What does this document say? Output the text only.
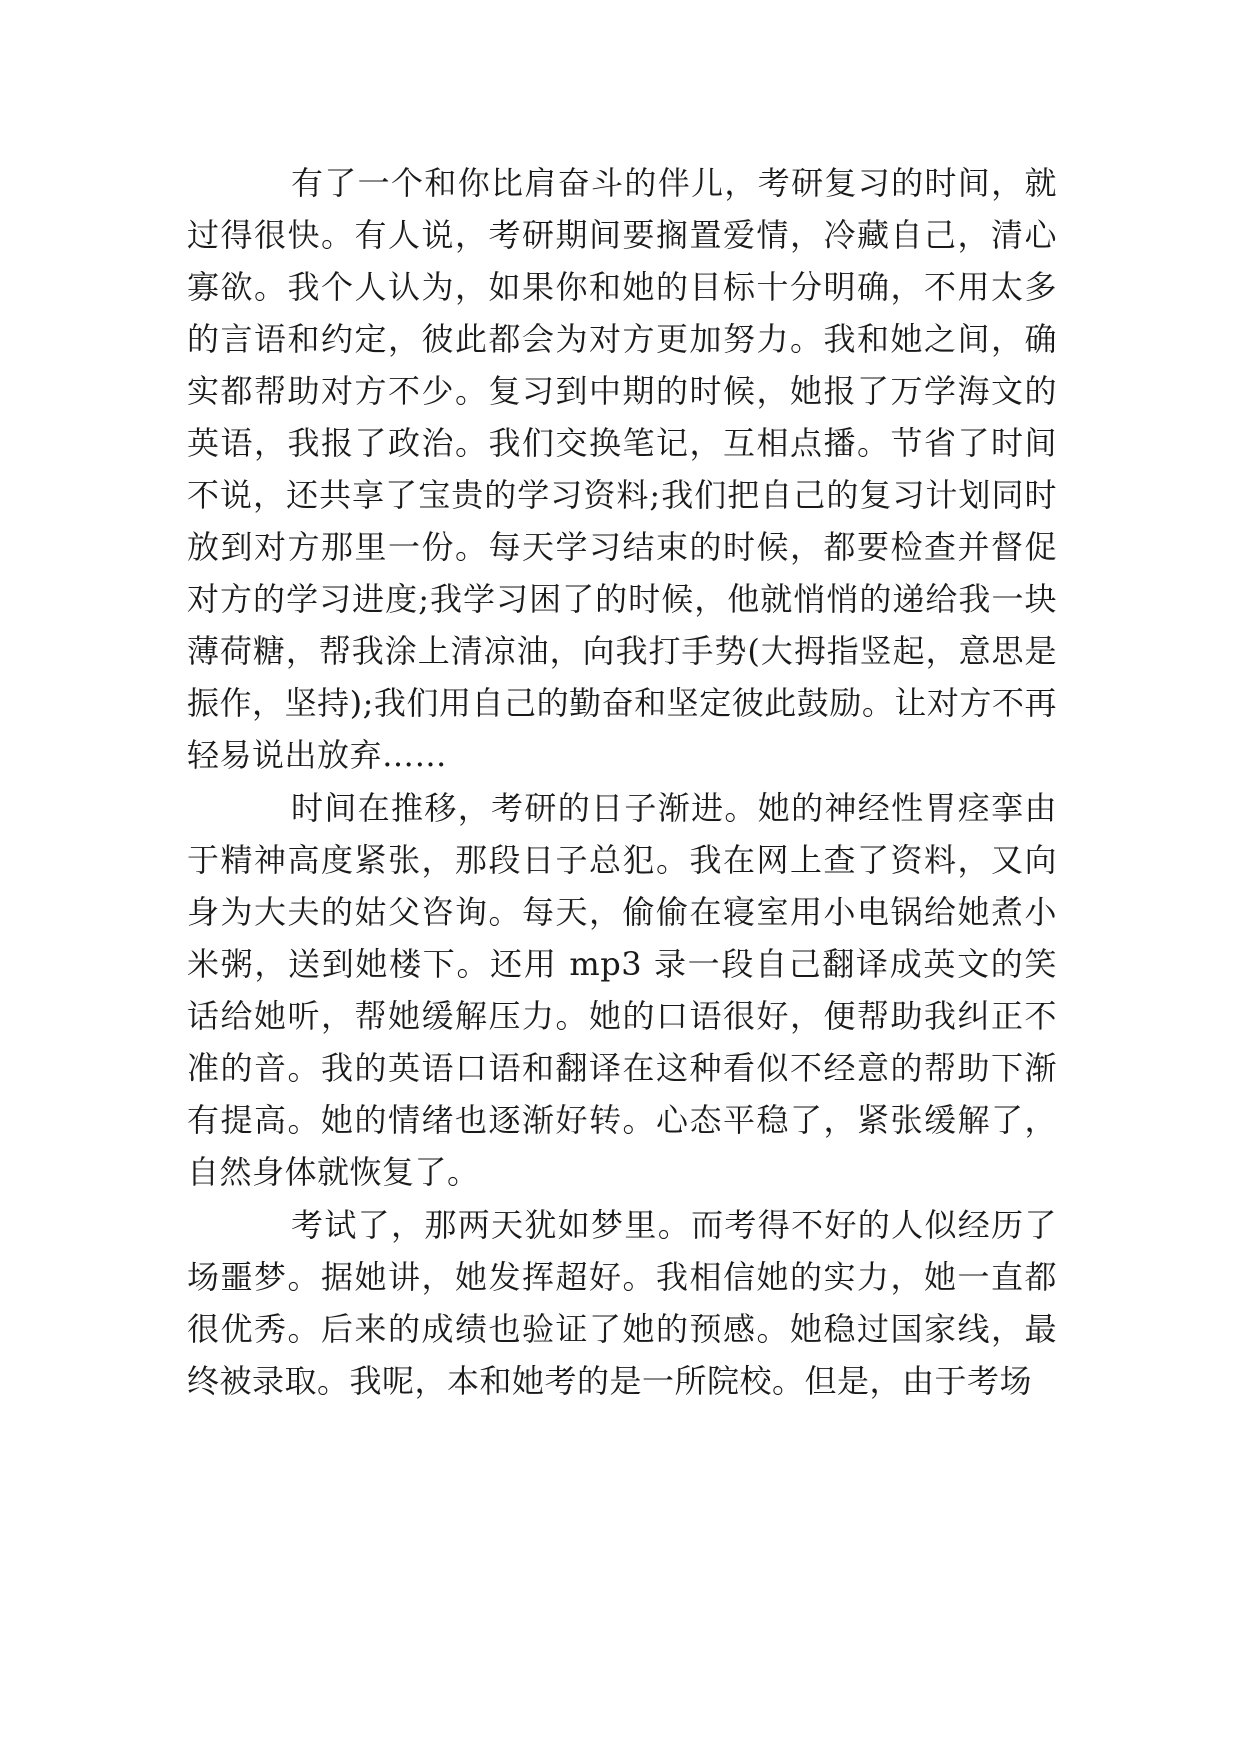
有了一个和你比肩奋斗的伴儿，考研复习的时间，就过得很快。有人说，考研期间要搁置爱情，冷藏自己，清心寡欲。我个人认为，如果你和她的目标十分明确，不用太多的言语和约定，彼此都会为对方更加努力。我和她之间，确实都帮助对方不少。复习到中期的时候，她报了万学海文的英语，我报了政治。我们交换笔记，互相点播。节省了时间不说，还共享了宝贵的学习资料;我们把自己的复习计划同时放到对方那里一份。每天学习结束的时候，都要检查并督促对方的学习进度;我学习困了的时候，他就悄悄的递给我一块薄荷糖，帮我涂上清凉油，向我打手势(大拇指竖起，意思是振作，坚持);我们用自己的勤奋和坚定彼此鼓励。让对方不再轻易说出放弃……

时间在推移，考研的日子渐进。她的神经性胃痉挛由于精神高度紧张，那段日子总犯。我在网上查了资料，又向身为大夫的姑父咨询。每天，偷偷在寝室用小电锅给她煮小米粥，送到她楼下。还用 mp3 录一段自己翻译成英文的笑话给她听，帮她缓解压力。她的口语很好，便帮助我纠正不准的音。我的英语口语和翻译在这种看似不经意的帮助下渐有提高。她的情绪也逐渐好转。心态平稳了，紧张缓解了，自然身体就恢复了。

考试了，那两天犹如梦里。而考得不好的人似经历了场噩梦。据她讲，她发挥超好。我相信她的实力，她一直都很优秀。后来的成绩也验证了她的预感。她稳过国家线，最终被录取。我呢，本和她考的是一所院校。但是，由于考场
